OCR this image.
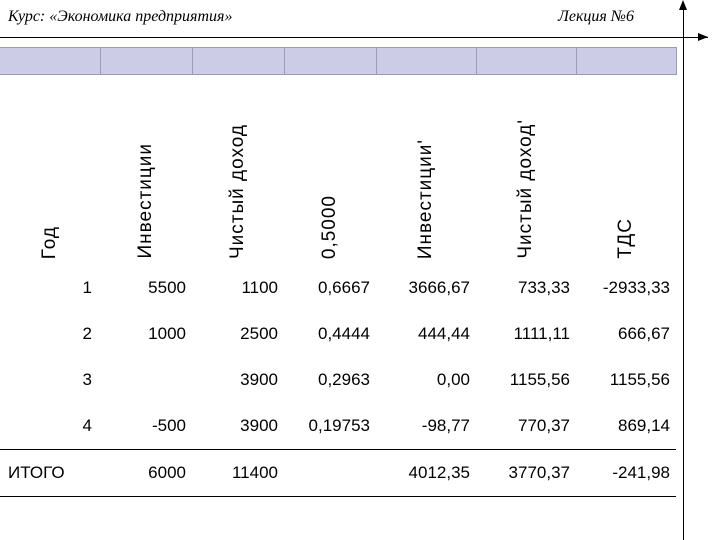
Курс: «Экономика предприятия»	Лекция №6

Год	Инвестиции	Чистый доход	0,5000	Инвестиции'	Чистый доход'	ТДС

1	5500	1100	0,6667	3666,67	733,33	-2933,33
2	1000	2500	0,4444	444,44	1111,11	666,67
3		3900	0,2963	0,00	1155,56	1155,56
4	-500	3900	0,19753	-98,77	770,37	869,14
ИТОГО	6000	11400		4012,35	3770,37	-241,98
